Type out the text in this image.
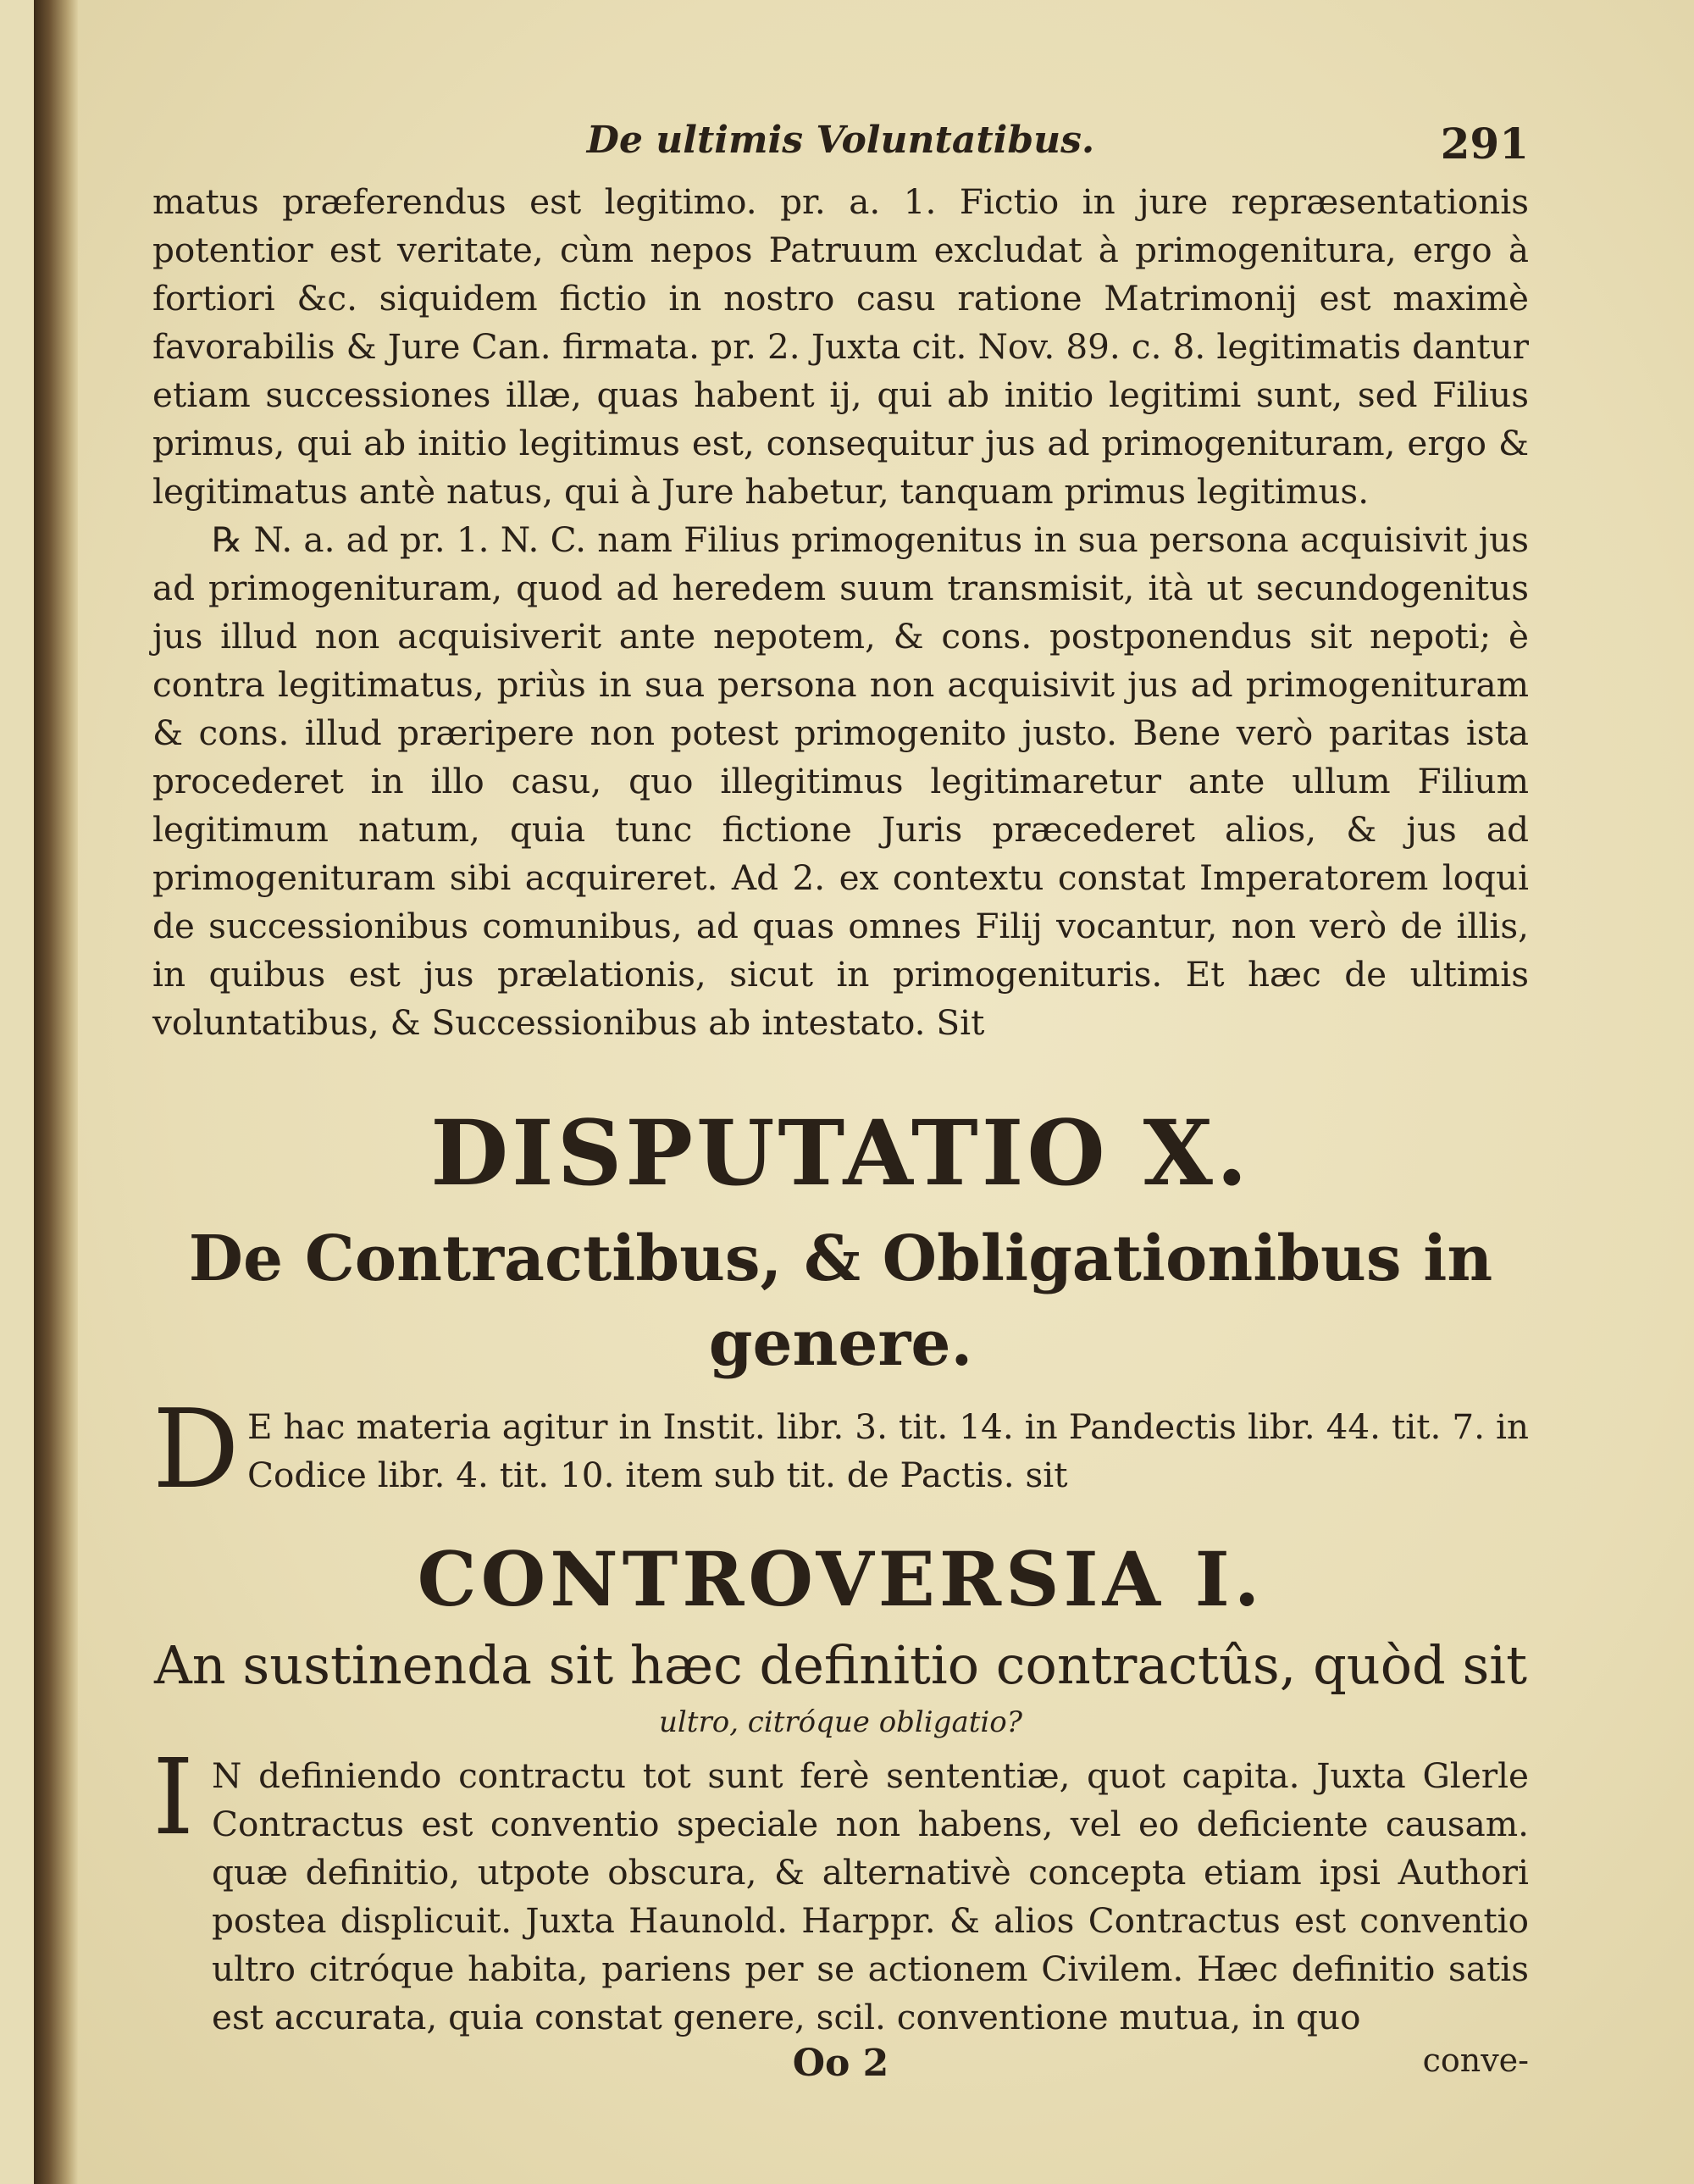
De ultimis Voluntatibus.	291

matus præferendus est legitimo. pr. a. 1. Fictio in jure repræsentationis potentior est veritate, cùm nepos Patruum excludat à primogenitura, ergo à fortiori &c. siquidem fictio in nostro casu ratione Matrimonij est maximè favorabilis & Jure Can. firmata. pr. 2. Juxta cit. Nov. 89. c. 8. legitimatis dantur etiam successiones illæ, quas habent ij, qui ab initio legitimi sunt, sed Filius primus, qui ab initio legitimus est, consequitur jus ad primogenituram, ergo & legitimatus antè natus, qui à Jure habetur, tanquam primus legitimus.

℞ N. a. ad pr. 1. N. C. nam Filius primogenitus in sua persona acquisivit jus ad primogenituram, quod ad heredem suum transmisit, ità ut secundogenitus jus illud non acquisiverit ante nepotem, & cons. postponendus sit nepoti; è contra legitimatus, priùs in sua persona non acquisivit jus ad primogenituram & cons. illud præripere non potest primogenito justo. Bene verò paritas ista procederet in illo casu, quo illegitimus legitimaretur ante ullum Filium legitimum natum, quia tunc fictione Juris præcederet alios, & jus ad primogenituram sibi acquireret. Ad 2. ex contextu constat Imperatorem loqui de successionibus comunibus, ad quas omnes Filij vocantur, non verò de illis, in quibus est jus prælationis, sicut in primogenituris. Et hæc de ultimis voluntatibus, & Successionibus ab intestato. Sit

DISPUTATIO X.
De Contractibus, & Obligationibus in genere.
D E hac materia agitur in Instit. libr. 3. tit. 14. in Pandectis libr. 44. tit. 7. in Codice libr. 4. tit. 10. item sub tit. de Pactis. sit

CONTROVERSIA I.

An sustinenda sit hæc definitio contractûs, quòd sit

ultro, citróque obligatio?

I N definiendo contractu tot sunt ferè sententiæ, quot capita. Juxta Glerle Contractus est conventio speciale non habens, vel eo deficiente causam. quæ definitio, utpote obscura, & alternativè concepta etiam ipsi Authori postea displicuit. Juxta Haunold. Harppr. & alios Contractus est conventio ultro citróque habita, pariens per se actionem Civilem. Hæc definitio satis est accurata, quia constat genere, scil. conventione mutua, in quo

Oo 2	conve-
